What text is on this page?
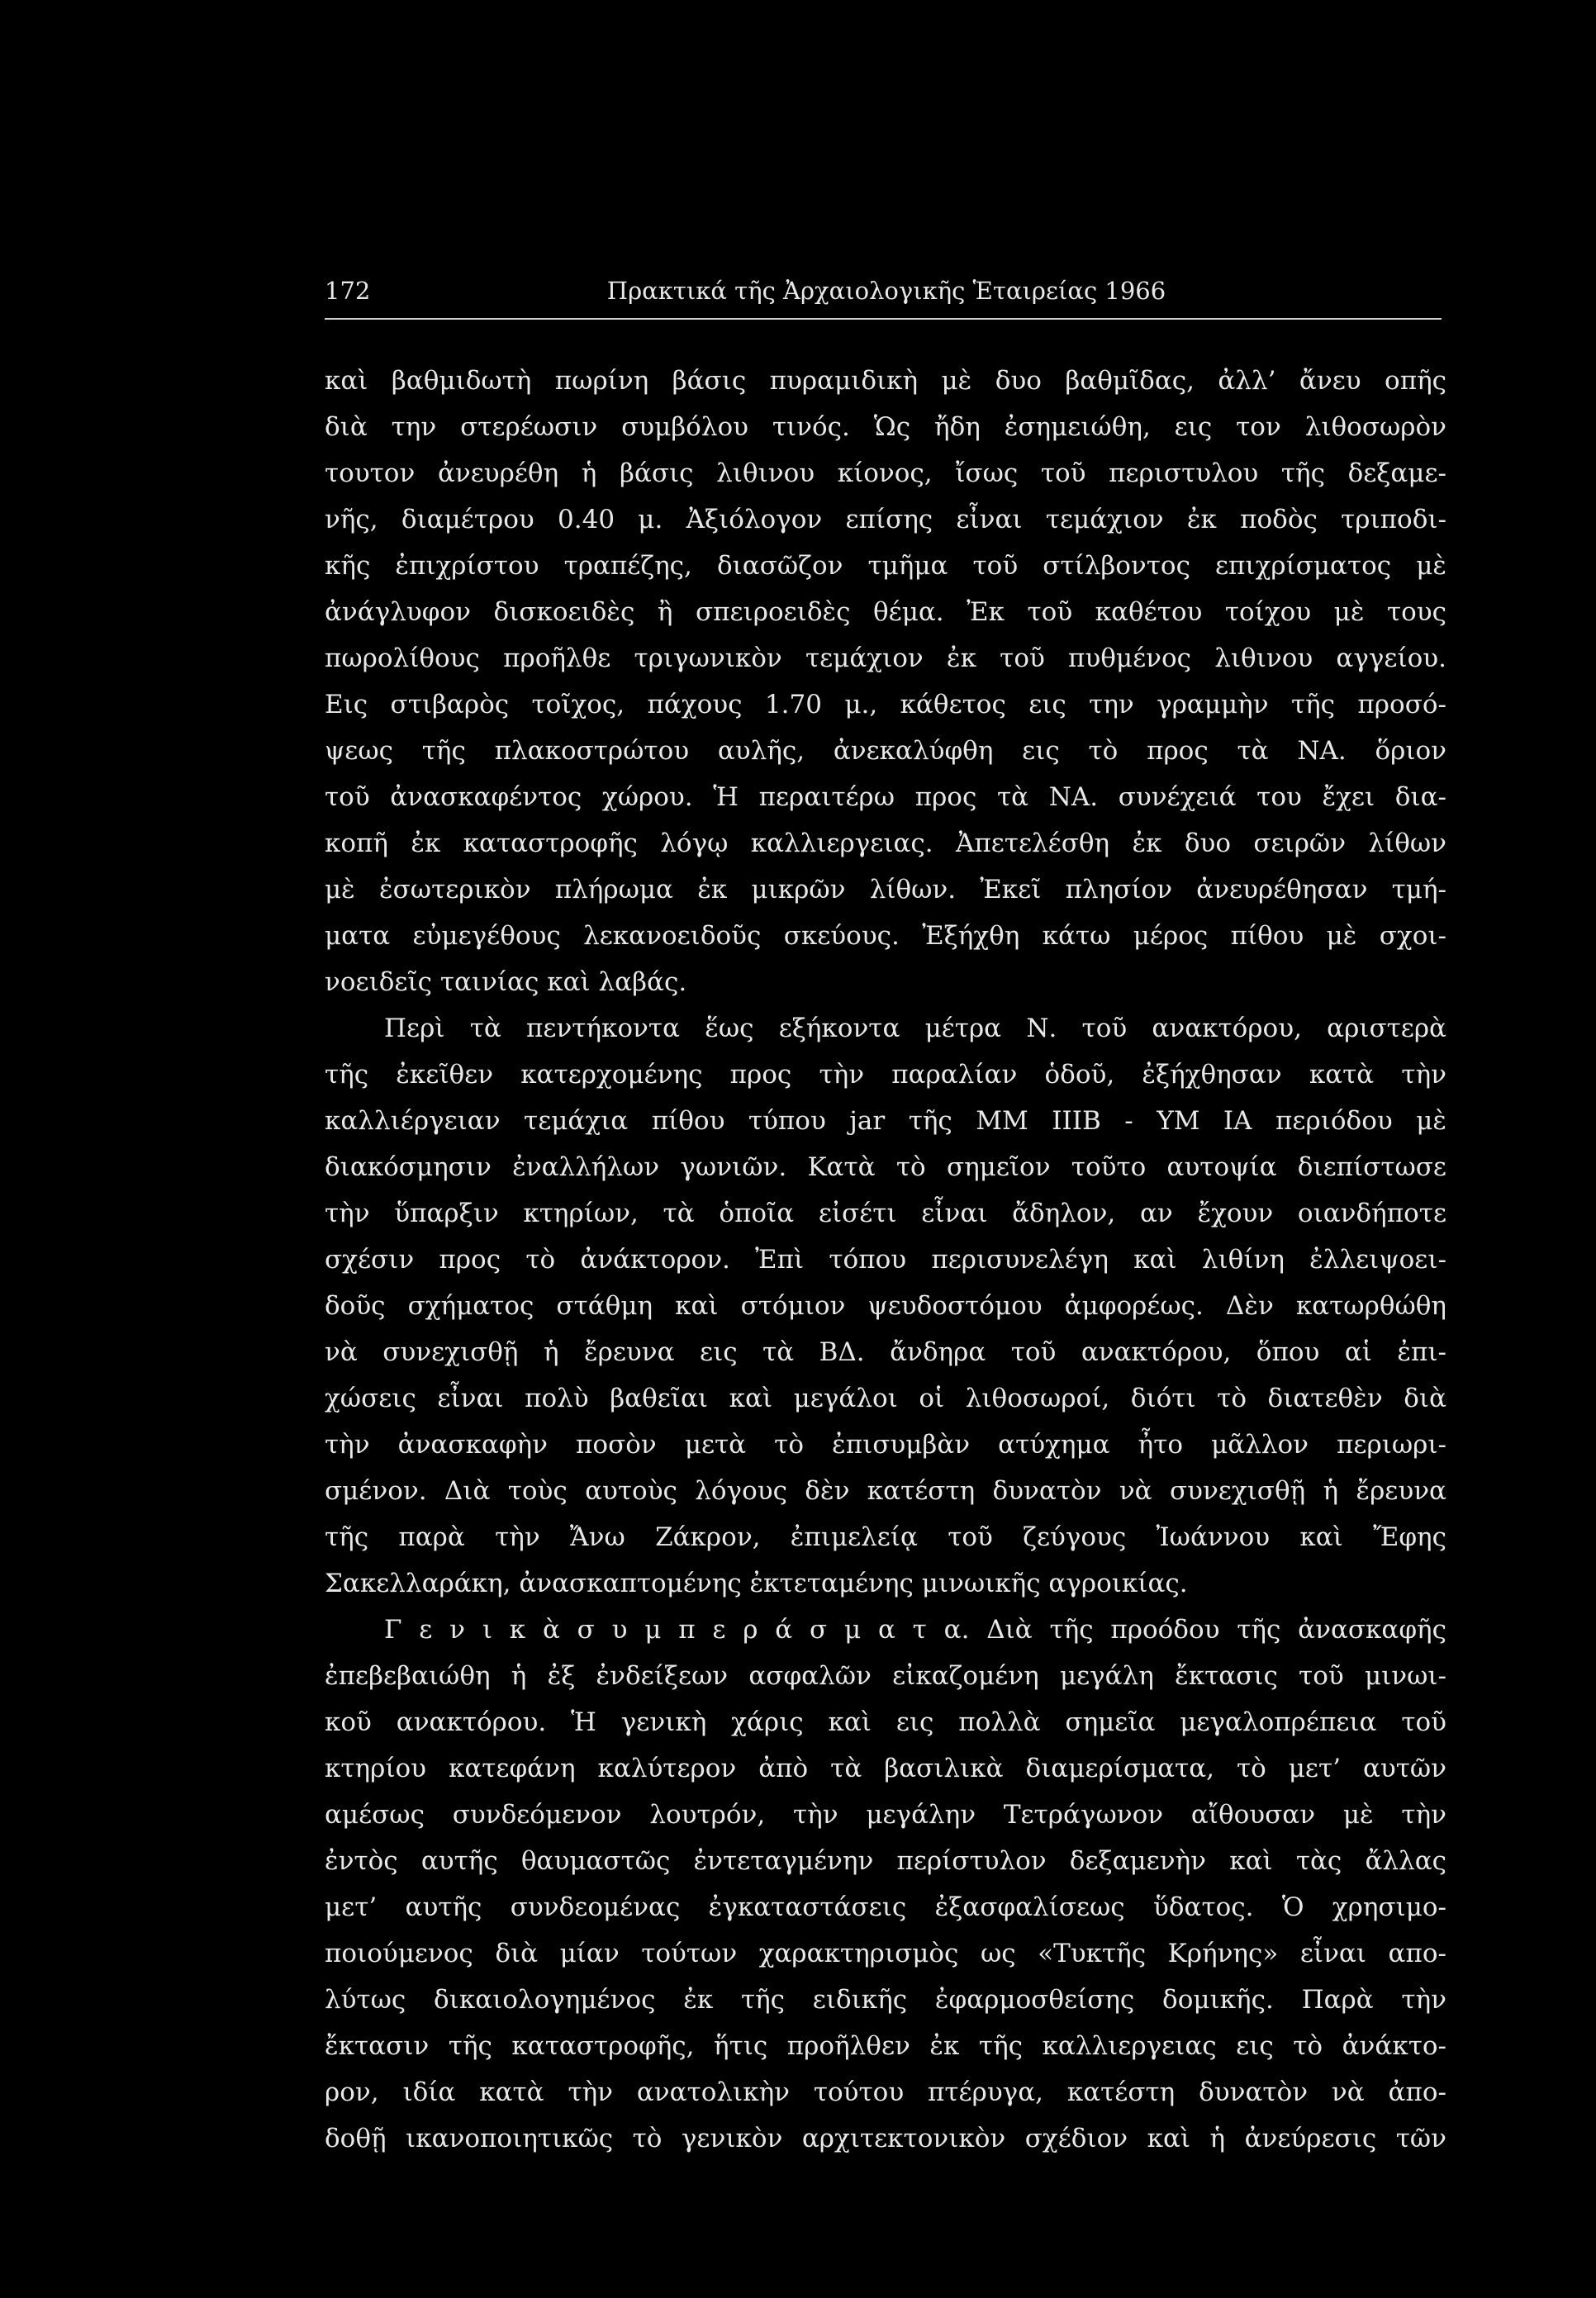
172	Πρακτικά τῆς Ἀρχαιολογικῆς Ἑταιρείας 1966
καὶ βαθμιδωτὴ πωρίνη βάσις πυραμιδικὴ μὲ δυο βαθμῖδας, ἀλλ’ ἄνευ οπῆς
διὰ την στερέωσιν συμβόλου τινός. Ὡς ἤδη ἐσημειώθη, εις τον λιθοσωρὸν
τουτον ἀνευρέθη ἡ βάσις λιθινου κίονος, ἴσως τοῦ περιστυλου τῆς δεξαμε-
νῆς, διαμέτρου 0.40 μ. Ἀξιόλογον επίσης εἶναι τεμάχιον ἐκ ποδὸς τριποδι-
κῆς ἐπιχρίστου τραπέζης, διασῶζον τμῆμα τοῦ στίλβοντος επιχρίσματος μὲ
ἀνάγλυφον δισκοειδὲς ἢ σπειροειδὲς θέμα. Ἐκ τοῦ καθέτου τοίχου μὲ τους
πωρολίθους προῆλθε τριγωνικὸν τεμάχιον ἐκ τοῦ πυθμένος λιθινου αγγείου.
Εις στιβαρὸς τοῖχος, πάχους 1.70 μ., κάθετος εις την γραμμὴν τῆς προσό-
ψεως τῆς πλακοστρώτου αυλῆς, ἀνεκαλύφθη εις τὸ προς τὰ ΝΑ. ὅριον
τοῦ ἀνασκαφέντος χώρου. Ἡ περαιτέρω προς τὰ ΝΑ. συνέχειά του ἔχει δια-
κοπῆ ἐκ καταστροφῆς λόγῳ καλλιεργειας. Ἀπετελέσθη ἐκ δυο σειρῶν λίθων
μὲ ἐσωτερικὸν πλήρωμα ἐκ μικρῶν λίθων. Ἐκεῖ πλησίον ἀνευρέθησαν τμή-
ματα εὐμεγέθους λεκανοειδοῦς σκεύους. Ἐξήχθη κάτω μέρος πίθου μὲ σχοι-
νοειδεῖς ταινίας καὶ λαβάς.
Περὶ τὰ πεντήκοντα ἕως εξήκοντα μέτρα Ν. τοῦ ανακτόρου, αριστερὰ
τῆς ἐκεῖθεν κατερχομένης προς τὴν παραλίαν ὁδοῦ, ἐξήχθησαν κατὰ τὴν
καλλιέργειαν τεμάχια πίθου τύπου jar τῆς ΜΜ ΙΙΙΒ - ΥΜ ΙΑ περιόδου μὲ
διακόσμησιν ἐναλλήλων γωνιῶν. Κατὰ τὸ σημεῖον τοῦτο αυτοψία διεπίστωσε
τὴν ὕπαρξιν κτηρίων, τὰ ὁποῖα εἰσέτι εἶναι ἄδηλον, αν ἔχουν οιανδήποτε
σχέσιν προς τὸ ἀνάκτορον. Ἐπὶ τόπου περισυνελέγη καὶ λιθίνη ἐλλειψοει-
δοῦς σχήματος στάθμη καὶ στόμιον ψευδοστόμου ἀμφορέως. Δὲν κατωρθώθη
νὰ συνεχισθῇ ἡ ἔρευνα εις τὰ ΒΔ. ἄνδηρα τοῦ ανακτόρου, ὅπου αἱ ἐπι-
χώσεις εἶναι πολὺ βαθεῖαι καὶ μεγάλοι οἱ λιθοσωροί, διότι τὸ διατεθὲν διὰ
τὴν ἀνασκαφὴν ποσὸν μετὰ τὸ ἐπισυμβὰν ατύχημα ἦτο μᾶλλον περιωρι-
σμένον. Διὰ τοὺς αυτοὺς λόγους δὲν κατέστη δυνατὸν νὰ συνεχισθῇ ἡ ἔρευνα
τῆς παρὰ τὴν Ἄνω Ζάκρον, ἐπιμελείᾳ τοῦ ζεύγους Ἰωάννου καὶ Ἔφης
Σακελλαράκη, ἀνασκαπτομένης ἐκτεταμένης μινωικῆς αγροικίας.
Γ ε ν ι κ ὰ σ υ μ π ε ρ ά σ μ α τ α. Διὰ τῆς προόδου τῆς ἀνασκαφῆς
ἐπεβεβαιώθη ἡ ἐξ ἐνδείξεων ασφαλῶν εἰκαζομένη μεγάλη ἔκτασις τοῦ μινωι-
κοῦ ανακτόρου. Ἡ γενικὴ χάρις καὶ εις πολλὰ σημεῖα μεγαλοπρέπεια τοῦ
κτηρίου κατεφάνη καλύτερον ἀπὸ τὰ βασιλικὰ διαμερίσματα, τὸ μετ’ αυτῶν
αμέσως συνδεόμενον λουτρόν, τὴν μεγάλην Τετράγωνον αἴθουσαν μὲ τὴν
ἐντὸς αυτῆς θαυμαστῶς ἐντεταγμένην περίστυλον δεξαμενὴν καὶ τὰς ἄλλας
μετ’ αυτῆς συνδεομένας ἐγκαταστάσεις ἐξασφαλίσεως ὕδατος. Ὁ χρησιμο-
ποιούμενος διὰ μίαν τούτων χαρακτηρισμὸς ως «Τυκτῆς Κρήνης» εἶναι απο-
λύτως δικαιολογημένος ἐκ τῆς ειδικῆς ἐφαρμοσθείσης δομικῆς. Παρὰ τὴν
ἔκτασιν τῆς καταστροφῆς, ἥτις προῆλθεν ἐκ τῆς καλλιεργειας εις τὸ ἀνάκτο-
ρον, ιδία κατὰ τὴν ανατολικὴν τούτου πτέρυγα, κατέστη δυνατὸν νὰ ἀπο-
δοθῇ ικανοποιητικῶς τὸ γενικὸν αρχιτεκτονικὸν σχέδιον καὶ ἡ ἀνεύρεσις τῶν
